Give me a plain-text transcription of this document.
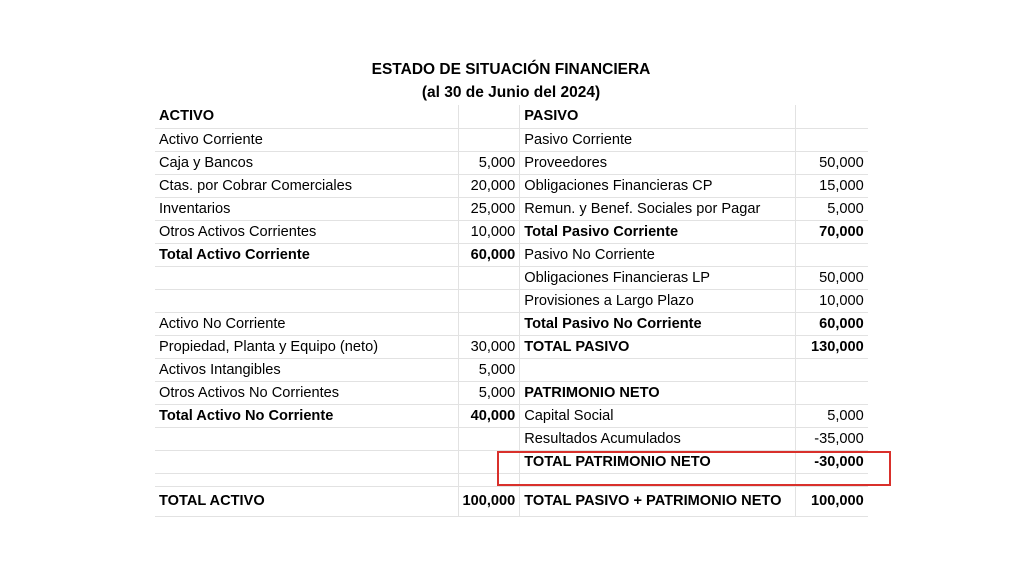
ESTADO DE SITUACIÓN FINANCIERA
(al 30 de Junio del 2024)
ACTIVO		PASIVO	
Activo Corriente		Pasivo Corriente	
Caja y Bancos	5,000	Proveedores	50,000
Ctas. por Cobrar Comerciales	20,000	Obligaciones Financieras CP	15,000
Inventarios	25,000	Remun. y Benef. Sociales por Pagar	5,000
Otros Activos Corrientes	10,000	Total Pasivo Corriente	70,000
Total Activo Corriente	60,000	Pasivo No Corriente	
		Obligaciones Financieras LP	50,000
		Provisiones a Largo Plazo	10,000
Activo No Corriente		Total Pasivo No Corriente	60,000
Propiedad, Planta y Equipo (neto)	30,000	TOTAL PASIVO	130,000
Activos Intangibles	5,000		
Otros Activos No Corrientes	5,000	PATRIMONIO NETO	
Total Activo No Corriente	40,000	Capital Social	5,000
		Resultados Acumulados	-35,000
		TOTAL PATRIMONIO NETO	-30,000

TOTAL ACTIVO	100,000	TOTAL PASIVO + PATRIMONIO NETO	100,000
